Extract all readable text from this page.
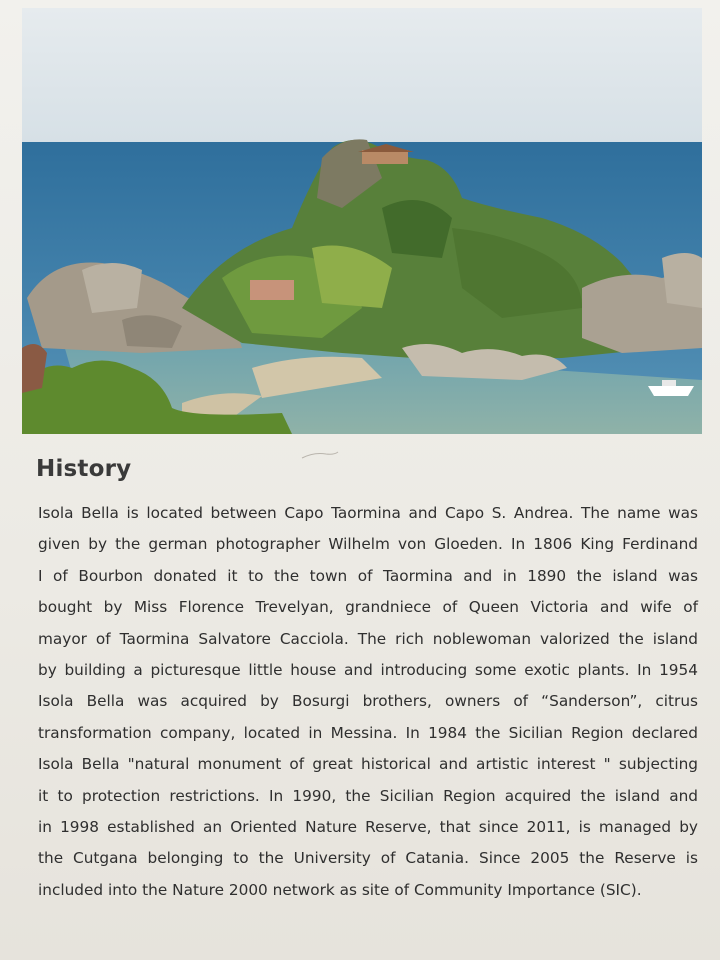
History
Isola Bella is located between Capo Taormina and Capo S. Andrea. The name was
given by the german photographer Wilhelm von Gloeden. In 1806 King Ferdinand
I of Bourbon donated it to the town of Taormina and in 1890 the island was
bought by Miss Florence Trevelyan, grandniece of Queen Victoria and wife of
mayor of Taormina Salvatore Cacciola. The rich noblewoman valorized the island
by building a picturesque little house and introducing some exotic plants. In 1954
Isola Bella was acquired by Bosurgi brothers, owners of “Sanderson”, citrus
transformation company, located in Messina. In 1984 the Sicilian Region declared
Isola Bella "natural monument of great historical and artistic interest " subjecting
it to protection restrictions. In 1990, the Sicilian Region acquired the island and
in 1998 established an Oriented Nature Reserve, that since 2011, is managed by
the Cutgana belonging to the University of Catania. Since 2005 the Reserve is
included into the Nature 2000 network as site of Community Importance (SIC).
